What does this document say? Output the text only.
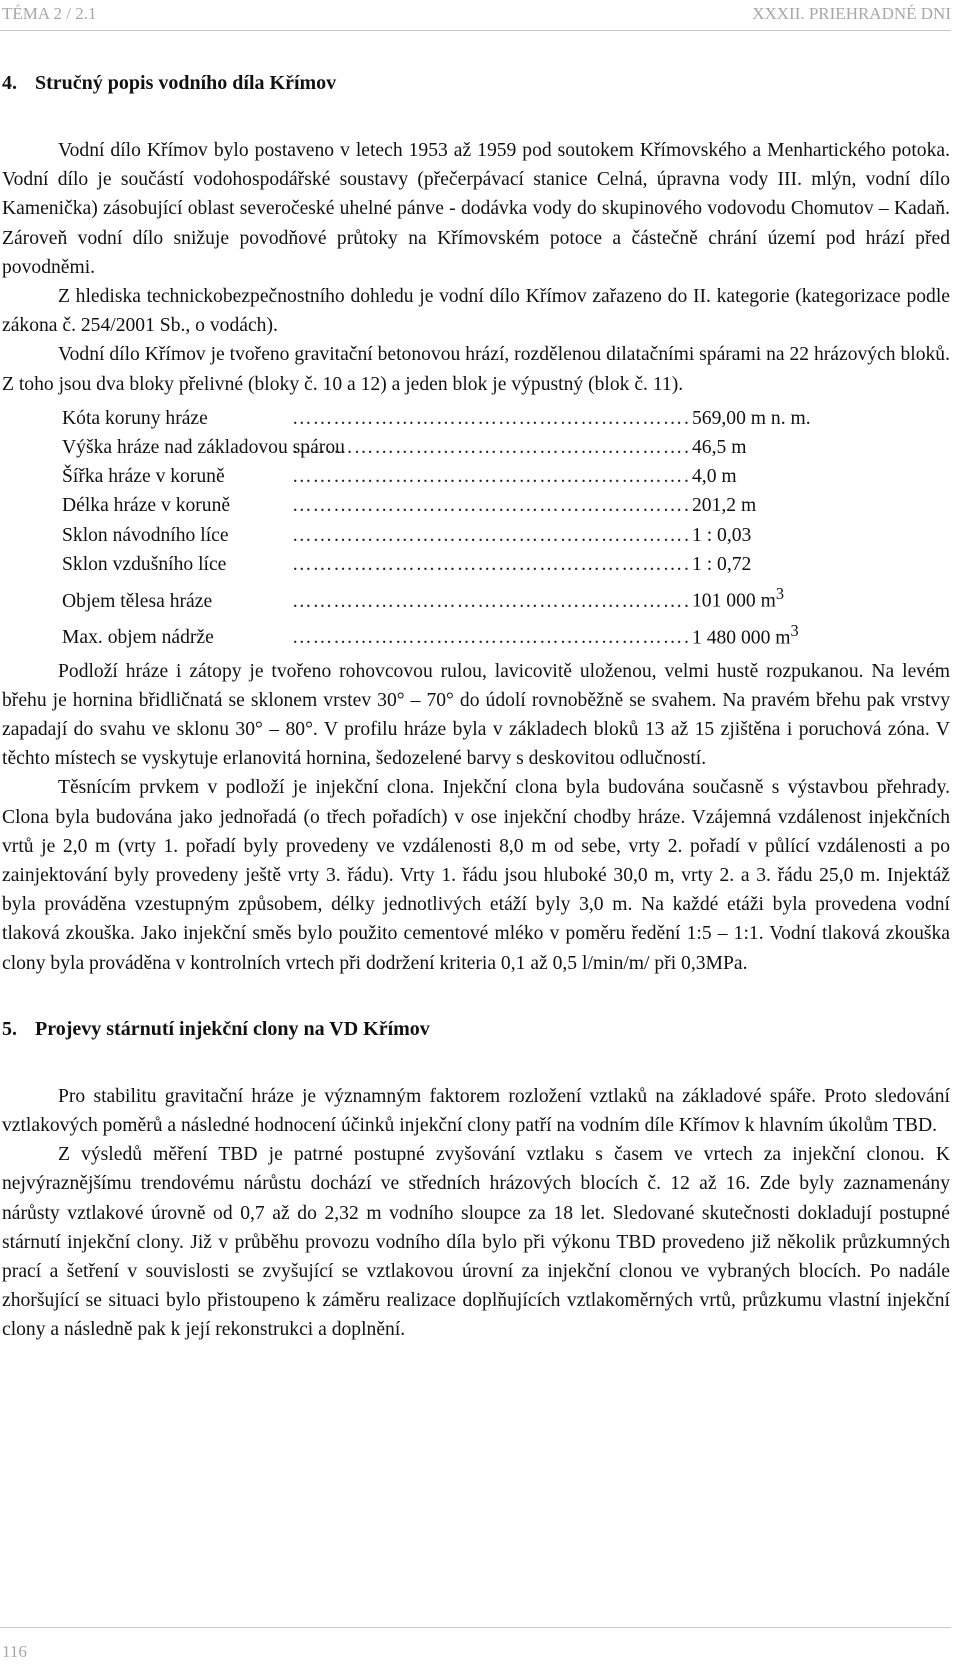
TÉMA 2 / 2.1	XXXII. PRIEHRADNÉ DNI
4. Stručný popis vodního díla Křímov

Vodní dílo Křímov bylo postaveno v letech 1953 až 1959 pod soutokem Křímovského a Menhartického potoka. Vodní dílo je součástí vodohospodářské soustavy (přečerpávací stanice Celná, úpravna vody III. mlýn, vodní dílo Kamenička) zásobující oblast severočeské uhelné pánve - dodávka vody do skupinového vodovodu Chomutov – Kadaň. Zároveň vodní dílo snižuje povodňové průtoky na Křímovském potoce a částečně chrání území pod hrází před povodněmi.

Z hlediska technickobezpečnostního dohledu je vodní dílo Křímov zařazeno do II. kategorie (kategorizace podle zákona č. 254/2001 Sb., o vodách).

Vodní dílo Křímov je tvořeno gravitační betonovou hrází, rozdělenou dilatačními spárami na 22 hrázových bloků. Z toho jsou dva bloky přelivné (bloky č. 10 a 12) a jeden blok je výpustný (blok č. 11).

Kóta koruny hráze …………………………………………………………………………………	569,00 m n. m.
Výška hráze nad základovou spárou …………………………………………………………………………………	46,5 m
Šířka hráze v koruně …………………………………………………………………………………	4,0 m
Délka hráze v koruně …………………………………………………………………………………	201,2 m
Sklon návodního líce …………………………………………………………………………………	1 : 0,03
Sklon vzdušního líce …………………………………………………………………………………	1 : 0,72
Objem tělesa hráze …………………………………………………………………………………	101 000 $m^3$
Max. objem nádrže …………………………………………………………………………………	1 480 000 $m^3$

Podloží hráze i zátopy je tvořeno rohovcovou rulou, lavicovitě uloženou, velmi hustě rozpukanou. Na levém břehu je hornina břidličnatá se sklonem vrstev 30° – 70° do údolí rovnoběžně se svahem. Na pravém břehu pak vrstvy zapadají do svahu ve sklonu 30° – 80°. V profilu hráze byla v základech bloků 13 až 15 zjištěna i poruchová zóna. V těchto místech se vyskytuje erlanovitá hornina, šedozelené barvy s deskovitou odlučností.

Těsnícím prvkem v podloží je injekční clona. Injekční clona byla budována současně s výstavbou přehrady. Clona byla budována jako jednořadá (o třech pořadích) v ose injekční chodby hráze. Vzájemná vzdálenost injekčních vrtů je 2,0 m (vrty 1. pořadí byly provedeny ve vzdálenosti 8,0 m od sebe, vrty 2. pořadí v půlící vzdálenosti a po zainjektování byly provedeny ještě vrty 3. řádu). Vrty 1. řádu jsou hluboké 30,0 m, vrty 2. a 3. řádu 25,0 m. Injektáž byla prováděna vzestupným způsobem, délky jednotlivých etáží byly 3,0 m. Na každé etáži byla provedena vodní tlaková zkouška. Jako injekční směs bylo použito cementové mléko v poměru ředění 1:5 – 1:1. Vodní tlaková zkouška clony byla prováděna v kontrolních vrtech při dodržení kriteria 0,1 až 0,5 l/min/m/ při 0,3MPa.

5. Projevy stárnutí injekční clony na VD Křímov

Pro stabilitu gravitační hráze je významným faktorem rozložení vztlaků na základové spáře. Proto sledování vztlakových poměrů a následné hodnocení účinků injekční clony patří na vodním díle Křímov k hlavním úkolům TBD.

Z výsledů měření TBD je patrné postupné zvyšování vztlaku s časem ve vrtech za injekční clonou. K nejvýraznějšímu trendovému nárůstu dochází ve středních hrázových blocích č. 12 až 16. Zde byly zaznamenány nárůsty vztlakové úrovně od 0,7 až do 2,32 m vodního sloupce za 18 let. Sledované skutečnosti dokladují postupné stárnutí injekční clony. Již v průběhu provozu vodního díla bylo při výkonu TBD provedeno již několik průzkumných prací a šetření v souvislosti se zvyšující se vztlakovou úrovní za injekční clonou ve vybraných blocích. Po nadále zhoršující se situaci bylo přistoupeno k záměru realizace doplňujících vztlakoměrných vrtů, průzkumu vlastní injekční clony a následně pak k její rekonstrukci a doplnění.

116
